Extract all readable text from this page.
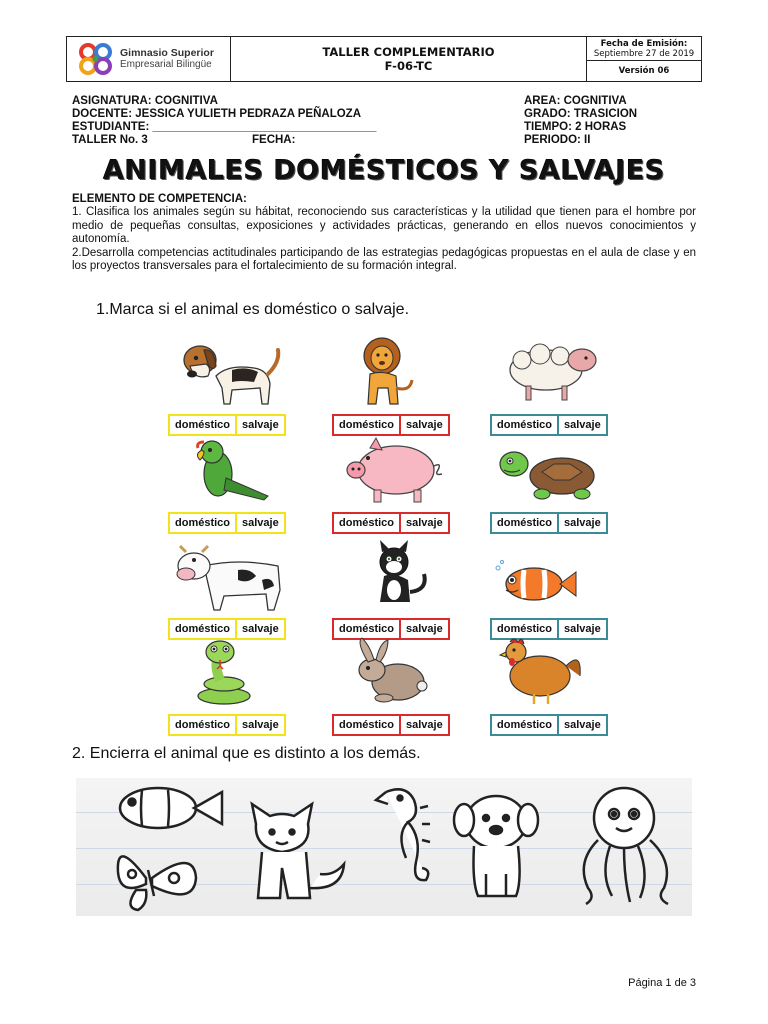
Gimnasio Superior
Empresarial Bilingüe
TALLER COMPLEMENTARIO
F-06-TC
Fecha de Emisión:
Septiembre 27 de 2019
Versión 06
ASIGNATURA: COGNITIVA
DOCENTE: JESSICA YULIETH PEDRAZA PEÑALOZA
ESTUDIANTE: ___________________________________
TALLER No. 3	FECHA:
AREA: COGNITIVA
GRADO: TRASICION
TIEMPO: 2 HORAS
PERIODO: II
ANIMALES DOMÉSTICOS Y SALVAJES
ELEMENTO DE COMPETENCIA:

1. Clasifica los animales según su hábitat, reconociendo sus características y la utilidad que tienen para el hombre por medio de pequeñas consultas, exposiciones y actividades prácticas, generando en ellos nuevos conocimientos y autonomía.

2.Desarrolla competencias actitudinales participando de las estrategias pedagógicas propuestas en el aula de clase y en los proyectos transversales para el fortalecimiento de su formación integral.

1.Marca si el animal es doméstico o salvaje.
doméstico	salvaje	doméstico	salvaje	doméstico	salvaje
doméstico	salvaje	doméstico	salvaje	doméstico	salvaje
doméstico	salvaje	doméstico	salvaje	doméstico	salvaje
doméstico	salvaje	doméstico	salvaje	doméstico	salvaje
2. Encierra el animal que es distinto a los demás.
Página 1 de 3
